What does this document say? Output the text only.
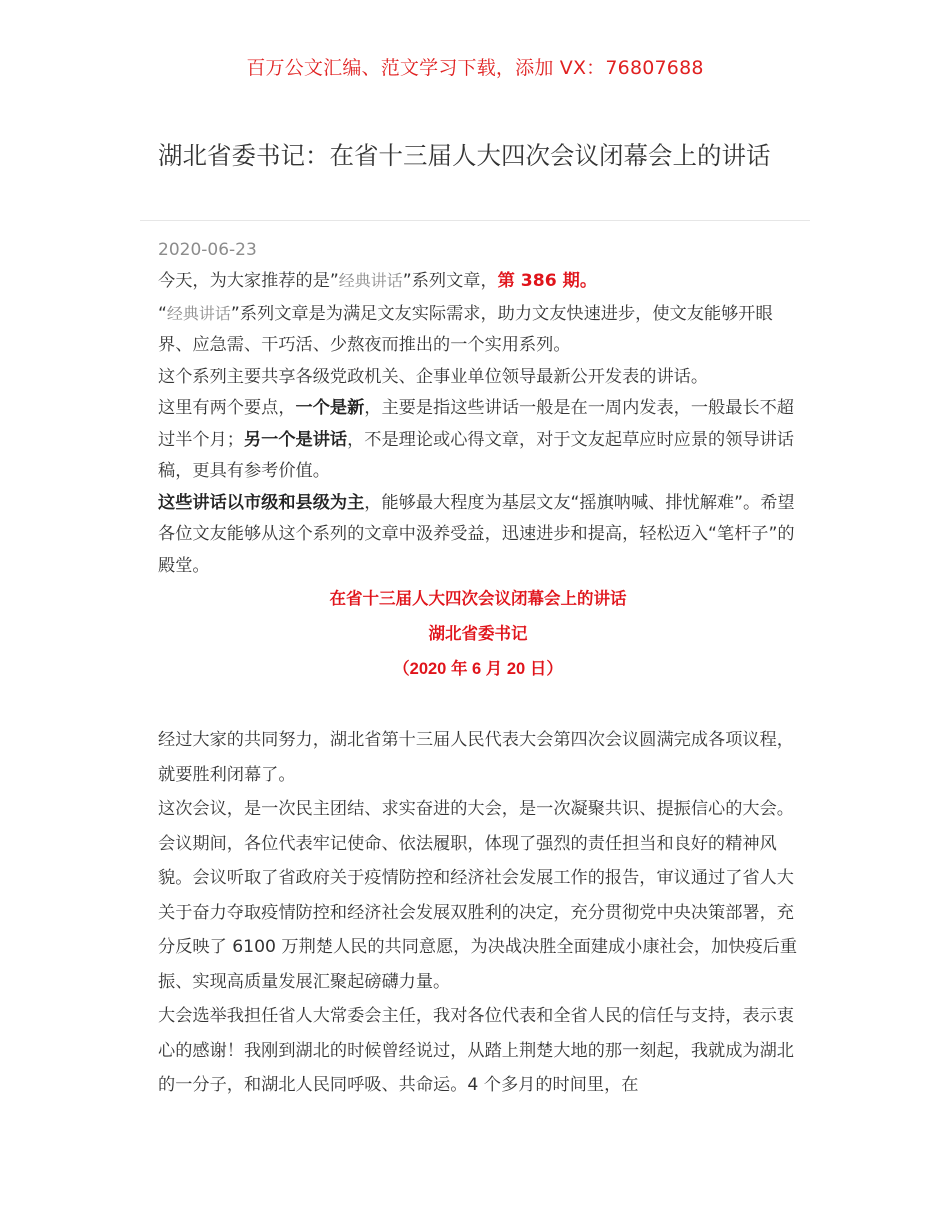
百万公文汇编、范文学习下载，添加 VX：76807688
湖北省委书记：在省十三届人大四次会议闭幕会上的讲话
2020-06-23

今天，为大家推荐的是”经典讲话”系列文章，第 386 期。

“经典讲话”系列文章是为满足文友实际需求，助力文友快速进步，使文友能够开眼界、应急需、干巧活、少熬夜而推出的一个实用系列。

这个系列主要共享各级党政机关、企事业单位领导最新公开发表的讲话。

这里有两个要点，一个是新，主要是指这些讲话一般是在一周内发表，一般最长不超过半个月；另一个是讲话，不是理论或心得文章，对于文友起草应时应景的领导讲话稿，更具有参考价值。

这些讲话以市级和县级为主，能够最大程度为基层文友“摇旗呐喊、排忧解难”。希望各位文友能够从这个系列的文章中汲养受益，迅速进步和提高，轻松迈入“笔杆子”的殿堂。

在省十三届人大四次会议闭幕会上的讲话
湖北省委书记
（2020 年 6 月 20 日）

经过大家的共同努力，湖北省第十三届人民代表大会第四次会议圆满完成各项议程，就要胜利闭幕了。

这次会议，是一次民主团结、求实奋进的大会，是一次凝聚共识、提振信心的大会。会议期间，各位代表牢记使命、依法履职，体现了强烈的责任担当和良好的精神风貌。会议听取了省政府关于疫情防控和经济社会发展工作的报告，审议通过了省人大关于奋力夺取疫情防控和经济社会发展双胜利的决定，充分贯彻党中央决策部署，充分反映了 6100 万荆楚人民的共同意愿，为决战决胜全面建成小康社会，加快疫后重振、实现高质量发展汇聚起磅礴力量。

大会选举我担任省人大常委会主任，我对各位代表和全省人民的信任与支持，表示衷心的感谢！我刚到湖北的时候曾经说过，从踏上荆楚大地的那一刻起，我就成为湖北的一分子，和湖北人民同呼吸、共命运。4 个多月的时间里，在
